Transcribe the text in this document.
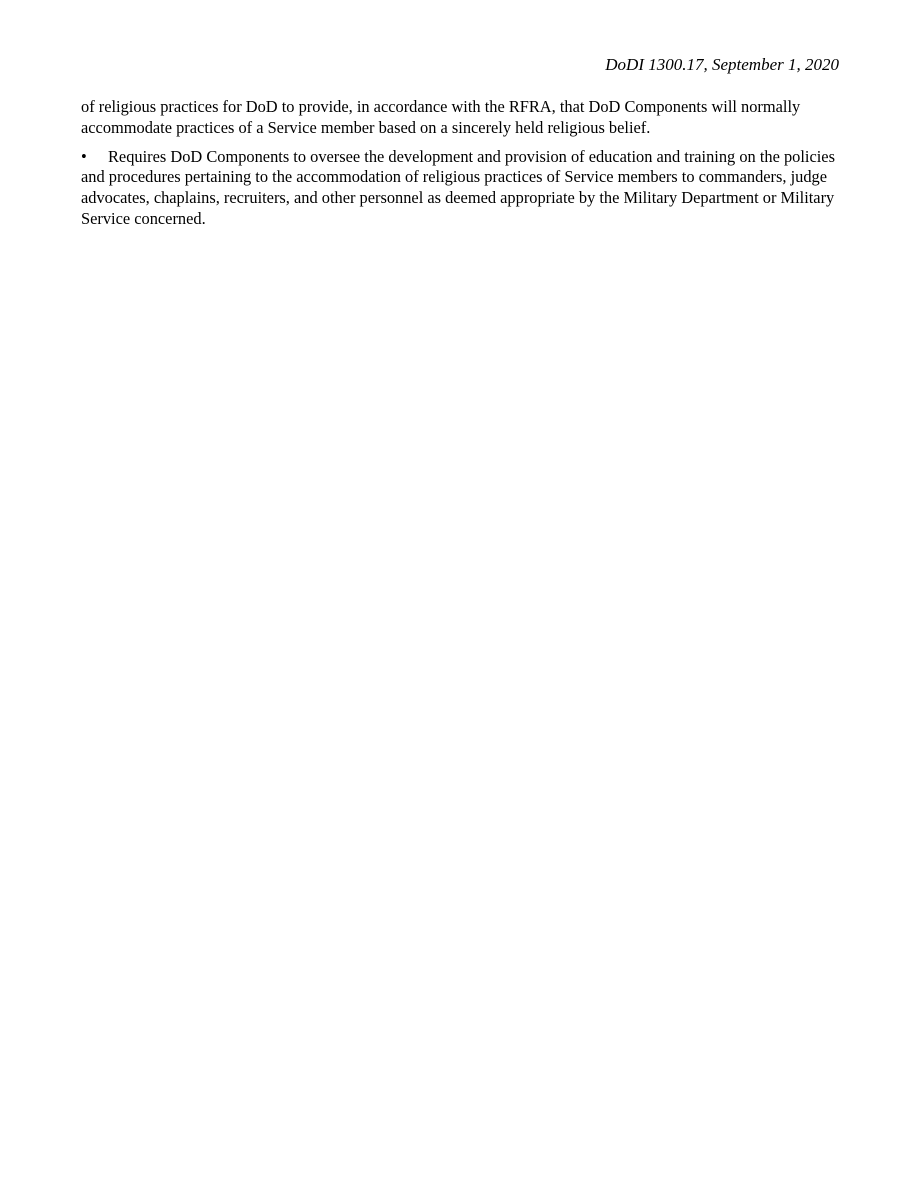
DoDI 1300.17, September 1, 2020

of religious practices for DoD to provide, in accordance with the RFRA, that DoD Components will normally accommodate practices of a Service member based on a sincerely held religious belief.

• Requires DoD Components to oversee the development and provision of education and training on the policies and procedures pertaining to the accommodation of religious practices of Service members to commanders, judge advocates, chaplains, recruiters, and other personnel as deemed appropriate by the Military Department or Military Service concerned.
